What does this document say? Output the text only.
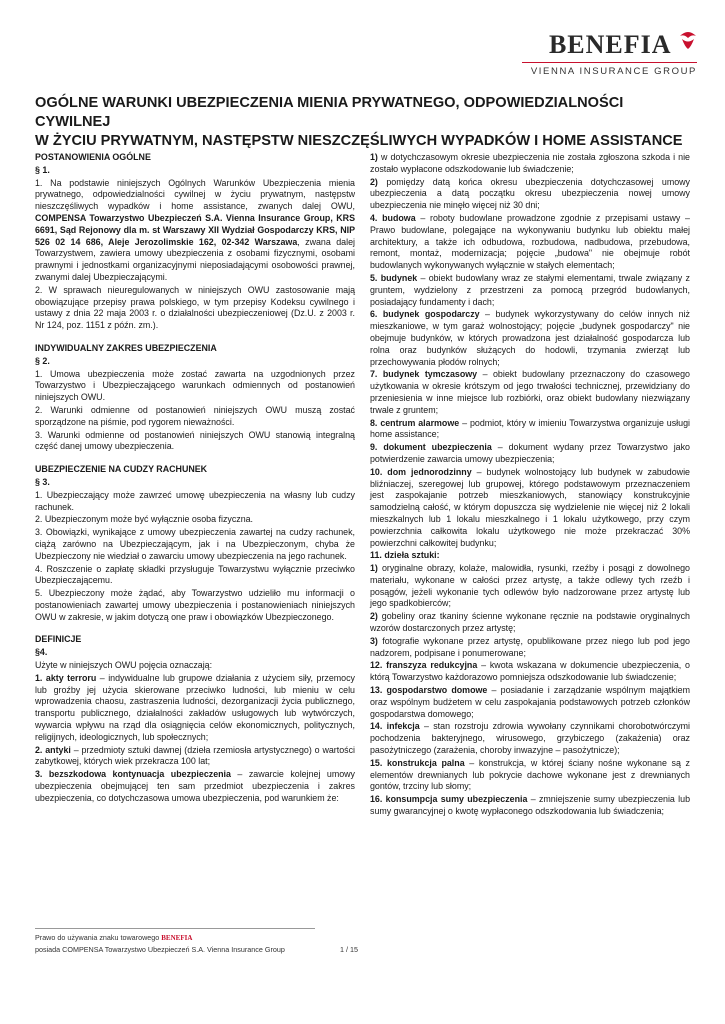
BENEFIA
VIENNA INSURANCE GROUP
OGÓLNE WARUNKI UBEZPIECZENIA MIENIA PRYWATNEGO, ODPOWIEDZIALNOŚCI CYWILNEJ
W ŻYCIU PRYWATNYM, NASTĘPSTW NIESZCZĘŚLIWYCH WYPADKÓW I HOME ASSISTANCE

POSTANOWIENIA OGÓLNE

§ 1.

1. Na podstawie niniejszych Ogólnych Warunków Ubezpieczenia mienia prywatnego, odpowiedzialności cywilnej w życiu prywatnym, następstw nieszczęśliwych wypadków i home assistance, zwanych dalej OWU, COMPENSA Towarzystwo Ubezpieczeń S.A. Vienna Insurance Group, KRS 6691, Sąd Rejonowy dla m. st Warszawy XII Wydział Gospodarczy KRS, NIP 526 02 14 686, Aleje Jerozolimskie 162, 02-342 Warszawa, zwana dalej Towarzystwem, zawiera umowy ubezpieczenia z osobami fizycznymi, osobami prawnymi i jednostkami organizacyjnymi nieposiadającymi osobowości prawnej, zwanymi dalej Ubezpieczającymi.

2. W sprawach nieuregulowanych w niniejszych OWU zastosowanie mają obowiązujące przepisy prawa polskiego, w tym przepisy Kodeksu cywilnego i ustawy z dnia 22 maja 2003 r. o działalności ubezpieczeniowej (Dz.U. z 2003 r. Nr 124, poz. 1151 z późn. zm.).

INDYWIDUALNY ZAKRES UBEZPIECZENIA

§ 2.

1. Umowa ubezpieczenia może zostać zawarta na uzgodnionych przez Towarzystwo i Ubezpieczającego warunkach odmiennych od postanowień niniejszych OWU.

2. Warunki odmienne od postanowień niniejszych OWU muszą zostać sporządzone na piśmie, pod rygorem nieważności.

3. Warunki odmienne od postanowień niniejszych OWU stanowią integralną część danej umowy ubezpieczenia.

UBEZPIECZENIE NA CUDZY RACHUNEK

§ 3.

1. Ubezpieczający może zawrzeć umowę ubezpieczenia na własny lub cudzy rachunek.

2. Ubezpieczonym może być wyłącznie osoba fizyczna.

3. Obowiązki, wynikające z umowy ubezpieczenia zawartej na cudzy rachunek, ciążą zarówno na Ubezpieczającym, jak i na Ubezpieczonym, chyba że Ubezpieczony nie wiedział o zawarciu umowy ubezpieczenia na jego rachunek.

4. Roszczenie o zapłatę składki przysługuje Towarzystwu wyłącznie przeciwko Ubezpieczającemu.

5. Ubezpieczony może żądać, aby Towarzystwo udzieliło mu informacji o postanowieniach zawartej umowy ubezpieczenia i postanowieniach niniejszych OWU w zakresie, w jakim dotyczą one praw i obowiązków Ubezpieczonego.

DEFINICJE

§4.

Użyte w niniejszych OWU pojęcia oznaczają:

1. akty terroru – indywidualne lub grupowe działania z użyciem siły, przemocy lub groźby jej użycia skierowane przeciwko ludności, lub mieniu w celu wprowadzenia chaosu, zastraszenia ludności, dezorganizacji życia publicznego, transportu publicznego, działalności zakładów usługowych lub wytwórczych, wywarcia wpływu na rząd dla osiągnięcia celów ekonomicznych, politycznych, religijnych, ideologicznych, lub społecznych;

2. antyki – przedmioty sztuki dawnej (dzieła rzemiosła artystycznego) o wartości zabytkowej, których wiek przekracza 100 lat;

3. bezszkodowa kontynuacja ubezpieczenia – zawarcie kolejnej umowy ubezpieczenia obejmującej ten sam przedmiot ubezpieczenia i zakres ubezpieczenia, co dotychczasowa umowa ubezpieczenia, pod warunkiem że:

1) w dotychczasowym okresie ubezpieczenia nie została zgłoszona szkoda i nie zostało wypłacone odszkodowanie lub świadczenie;

2) pomiędzy datą końca okresu ubezpieczenia dotychczasowej umowy ubezpieczenia a datą początku okresu ubezpieczenia nowej umowy ubezpieczenia nie minęło więcej niż 30 dni;

4. budowa – roboty budowlane prowadzone zgodnie z przepisami ustawy – Prawo budowlane, polegające na wykonywaniu budynku lub obiektu małej architektury, a także ich odbudowa, rozbudowa, nadbudowa, przebudowa, remont, montaż, modernizacja; pojęcie „budowa" nie obejmuje robót budowlanych wykonywanych wyłącznie w stałych elementach;

5. budynek – obiekt budowlany wraz ze stałymi elementami, trwale związany z gruntem, wydzielony z przestrzeni za pomocą przegród budowlanych, posiadający fundamenty i dach;

6. budynek gospodarczy – budynek wykorzystywany do celów innych niż mieszkaniowe, w tym garaż wolnostojący; pojęcie „budynek gospodarczy" nie obejmuje budynków, w których prowadzona jest działalność gospodarcza lub rolna oraz budynków służących do hodowli, trzymania zwierząt lub przechowywania płodów rolnych;

7. budynek tymczasowy – obiekt budowlany przeznaczony do czasowego użytkowania w okresie krótszym od jego trwałości technicznej, przewidziany do przeniesienia w inne miejsce lub rozbiórki, oraz obiekt budowlany niezwiązany trwale z gruntem;

8. centrum alarmowe – podmiot, który w imieniu Towarzystwa organizuje usługi home assistance;

9. dokument ubezpieczenia – dokument wydany przez Towarzystwo jako potwierdzenie zawarcia umowy ubezpieczenia;

10. dom jednorodzinny – budynek wolnostojący lub budynek w zabudowie bliźniaczej, szeregowej lub grupowej, którego podstawowym przeznaczeniem jest zaspokajanie potrzeb mieszkaniowych, stanowiący konstrukcyjnie samodzielną całość, w którym dopuszcza się wydzielenie nie więcej niż 2 lokali mieszkalnych lub 1 lokalu mieszkalnego i 1 lokalu użytkowego, przy czym powierzchnia całkowita lokalu użytkowego nie może przekraczać 30% powierzchni całkowitej budynku;

11. dzieła sztuki:

1) oryginalne obrazy, kolaże, malowidła, rysunki, rzeźby i posągi z dowolnego materiału, wykonane w całości przez artystę, a także odlewy tych rzeźb i posągów, jeżeli wykonanie tych odlewów było nadzorowane przez artystę lub jego spadkobierców;

2) gobeliny oraz tkaniny ścienne wykonane ręcznie na podstawie oryginalnych wzorów dostarczonych przez artystę;

3) fotografie wykonane przez artystę, opublikowane przez niego lub pod jego nadzorem, podpisane i ponumerowane;

12. franszyza redukcyjna – kwota wskazana w dokumencie ubezpieczenia, o którą Towarzystwo każdorazowo pomniejsza odszkodowanie lub świadczenie;

13. gospodarstwo domowe – posiadanie i zarządzanie wspólnym majątkiem oraz wspólnym budżetem w celu zaspokajania podstawowych potrzeb członków gospodarstwa domowego;

14. infekcja – stan rozstroju zdrowia wywołany czynnikami chorobotwórczymi pochodzenia bakteryjnego, wirusowego, grzybiczego (zakażenia) oraz pasożytniczego (zarażenia, choroby inwazyjne – pasożytnicze);

15. konstrukcja palna – konstrukcja, w której ściany nośne wykonane są z elementów drewnianych lub pokrycie dachowe wykonane jest z drewnianych gontów, trzciny lub słomy;

16. konsumpcja sumy ubezpieczenia – zmniejszenie sumy ubezpieczenia lub sumy gwarancyjnej o kwotę wypłaconego odszkodowania lub świadczenia;

Prawo do używania znaku towarowego BENEFIA
posiada COMPENSA Towarzystwo Ubezpieczeń S.A. Vienna Insurance Group	1 / 15
